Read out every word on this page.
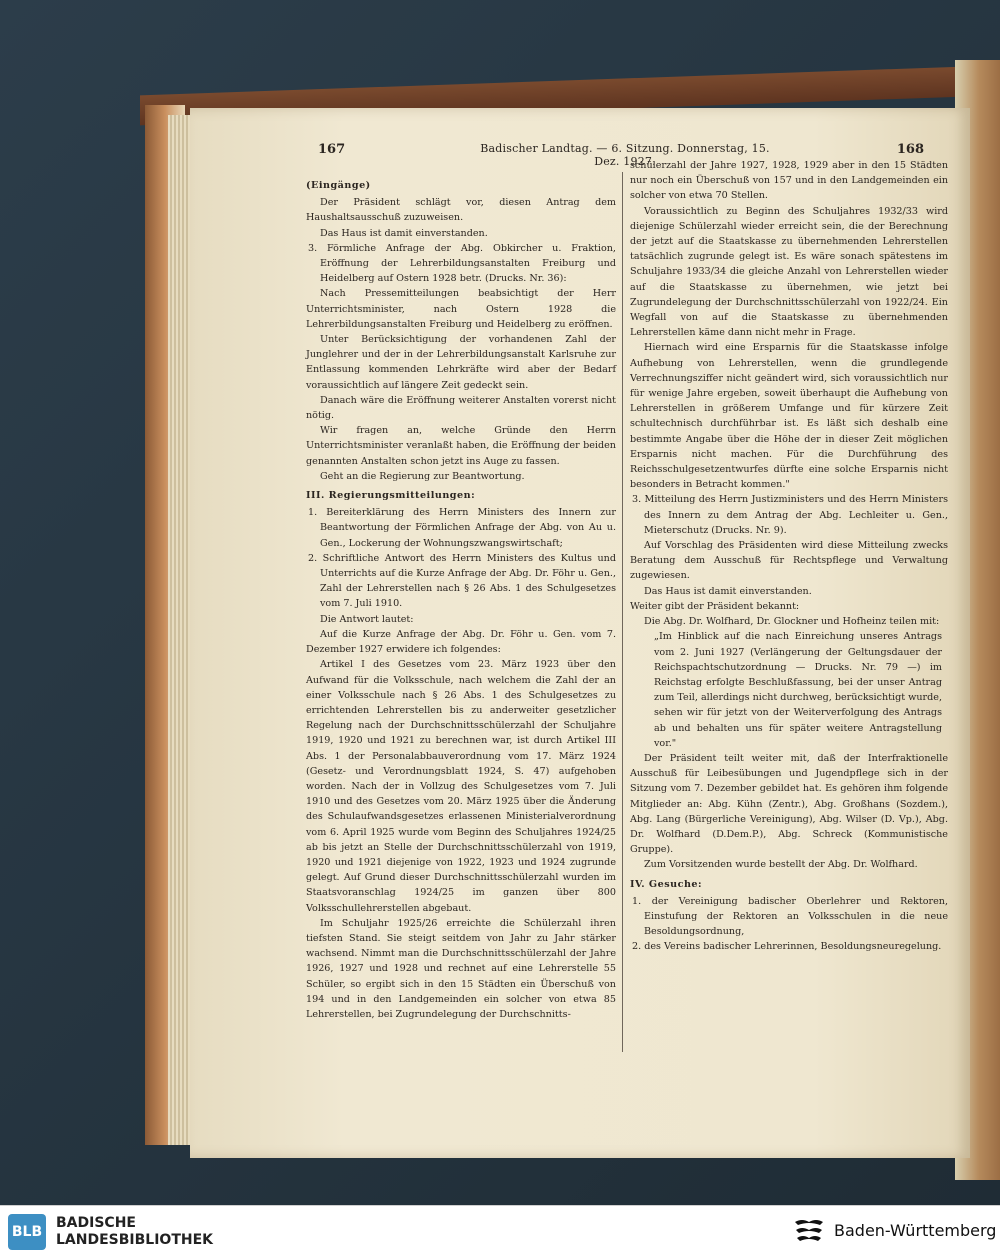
167	Badischer Landtag. — 6. Sitzung. Donnerstag, 15. Dez. 1927.
168

(Eingänge)

Der Präsident schlägt vor, diesen Antrag dem Haushaltsausschuß zuzuweisen.

Das Haus ist damit einverstanden.

3. Förmliche Anfrage der Abg. Obkircher u. Fraktion, Eröffnung der Lehrerbildungsanstalten Freiburg und Heidelberg auf Ostern 1928 betr. (Drucks. Nr. 36):

Nach Pressemitteilungen beabsichtigt der Herr Unterrichtsminister, nach Ostern 1928 die Lehrerbildungsanstalten Freiburg und Heidelberg zu eröffnen.

Unter Berücksichtigung der vorhandenen Zahl der Junglehrer und der in der Lehrerbildungsanstalt Karlsruhe zur Entlassung kommenden Lehrkräfte wird aber der Bedarf voraussichtlich auf längere Zeit gedeckt sein.

Danach wäre die Eröffnung weiterer Anstalten vorerst nicht nötig.

Wir fragen an, welche Gründe den Herrn Unterrichtsminister veranlaßt haben, die Eröffnung der beiden genannten Anstalten schon jetzt ins Auge zu fassen.

Geht an die Regierung zur Beantwortung.

III. Regierungsmitteilungen:

1. Bereiterklärung des Herrn Ministers des Innern zur Beantwortung der Förmlichen Anfrage der Abg. von Au u. Gen., Lockerung der Wohnungszwangswirtschaft;

2. Schriftliche Antwort des Herrn Ministers des Kultus und Unterrichts auf die Kurze Anfrage der Abg. Dr. Föhr u. Gen., Zahl der Lehrerstellen nach § 26 Abs. 1 des Schulgesetzes vom 7. Juli 1910.

Die Antwort lautet:

Auf die Kurze Anfrage der Abg. Dr. Föhr u. Gen. vom 7. Dezember 1927 erwidere ich folgendes:

Artikel I des Gesetzes vom 23. März 1923 über den Aufwand für die Volksschule, nach welchem die Zahl der an einer Volksschule nach § 26 Abs. 1 des Schulgesetzes zu errichtenden Lehrerstellen bis zu anderweiter gesetzlicher Regelung nach der Durchschnittsschülerzahl der Schuljahre 1919, 1920 und 1921 zu berechnen war, ist durch Artikel III Abs. 1 der Personalabbauverordnung vom 17. März 1924 (Gesetz- und Verordnungsblatt 1924, S. 47) aufgehoben worden. Nach der in Vollzug des Schulgesetzes vom 7. Juli 1910 und des Gesetzes vom 20. März 1925 über die Änderung des Schulaufwandsgesetzes erlassenen Ministerialverordnung vom 6. April 1925 wurde vom Beginn des Schuljahres 1924/25 ab bis jetzt an Stelle der Durchschnittsschülerzahl von 1919, 1920 und 1921 diejenige von 1922, 1923 und 1924 zugrunde gelegt. Auf Grund dieser Durchschnittsschülerzahl wurden im Staatsvoranschlag 1924/25 im ganzen über 800 Volksschullehrerstellen abgebaut.

Im Schuljahr 1925/26 erreichte die Schülerzahl ihren tiefsten Stand. Sie steigt seitdem von Jahr zu Jahr stärker wachsend. Nimmt man die Durchschnittsschülerzahl der Jahre 1926, 1927 und 1928 und rechnet auf eine Lehrerstelle 55 Schüler, so ergibt sich in den 15 Städten ein Überschuß von 194 und in den Landgemeinden ein solcher von etwa 85 Lehrerstellen, bei Zugrundelegung der Durchschnitts-

schülerzahl der Jahre 1927, 1928, 1929 aber in den 15 Städten nur noch ein Überschuß von 157 und in den Landgemeinden ein solcher von etwa 70 Stellen.

Voraussichtlich zu Beginn des Schuljahres 1932/33 wird diejenige Schülerzahl wieder erreicht sein, die der Berechnung der jetzt auf die Staatskasse zu übernehmenden Lehrerstellen tatsächlich zugrunde gelegt ist. Es wäre sonach spätestens im Schuljahre 1933/34 die gleiche Anzahl von Lehrerstellen wieder auf die Staatskasse zu übernehmen, wie jetzt bei Zugrundelegung der Durchschnittsschülerzahl von 1922/24. Ein Wegfall von auf die Staatskasse zu übernehmenden Lehrerstellen käme dann nicht mehr in Frage.

Hiernach wird eine Ersparnis für die Staatskasse infolge Aufhebung von Lehrerstellen, wenn die grundlegende Verrechnungsziffer nicht geändert wird, sich voraussichtlich nur für wenige Jahre ergeben, soweit überhaupt die Aufhebung von Lehrerstellen in größerem Umfange und für kürzere Zeit schultechnisch durchführbar ist. Es läßt sich deshalb eine bestimmte Angabe über die Höhe der in dieser Zeit möglichen Ersparnis nicht machen. Für die Durchführung des Reichsschulgesetzentwurfes dürfte eine solche Ersparnis nicht besonders in Betracht kommen."

3. Mitteilung des Herrn Justizministers und des Herrn Ministers des Innern zu dem Antrag der Abg. Lechleiter u. Gen., Mieterschutz (Drucks. Nr. 9).

Auf Vorschlag des Präsidenten wird diese Mitteilung zwecks Beratung dem Ausschuß für Rechtspflege und Verwaltung zugewiesen.

Das Haus ist damit einverstanden.

Weiter gibt der Präsident bekannt:

Die Abg. Dr. Wolfhard, Dr. Glockner und Hofheinz teilen mit:

„Im Hinblick auf die nach Einreichung unseres Antrags vom 2. Juni 1927 (Verlängerung der Geltungsdauer der Reichspachtschutzordnung — Drucks. Nr. 79 —) im Reichstag erfolgte Beschlußfassung, bei der unser Antrag zum Teil, allerdings nicht durchweg, berücksichtigt wurde, sehen wir für jetzt von der Weiterverfolgung des Antrags ab und behalten uns für später weitere Antragstellung vor."

Der Präsident teilt weiter mit, daß der Interfraktionelle Ausschuß für Leibesübungen und Jugendpflege sich in der Sitzung vom 7. Dezember gebildet hat. Es gehören ihm folgende Mitglieder an: Abg. Kühn (Zentr.), Abg. Großhans (Sozdem.), Abg. Lang (Bürgerliche Vereinigung), Abg. Wilser (D. Vp.), Abg. Dr. Wolfhard (D.Dem.P.), Abg. Schreck (Kommunistische Gruppe).

Zum Vorsitzenden wurde bestellt der Abg. Dr. Wolfhard.

IV. Gesuche:

1. der Vereinigung badischer Oberlehrer und Rektoren, Einstufung der Rektoren an Volksschulen in die neue Besoldungsordnung,

2. des Vereins badischer Lehrerinnen, Besoldungsneuregelung.

BLB
BADISCHE
LANDESBIBLIOTHEK	Baden-Württemberg
